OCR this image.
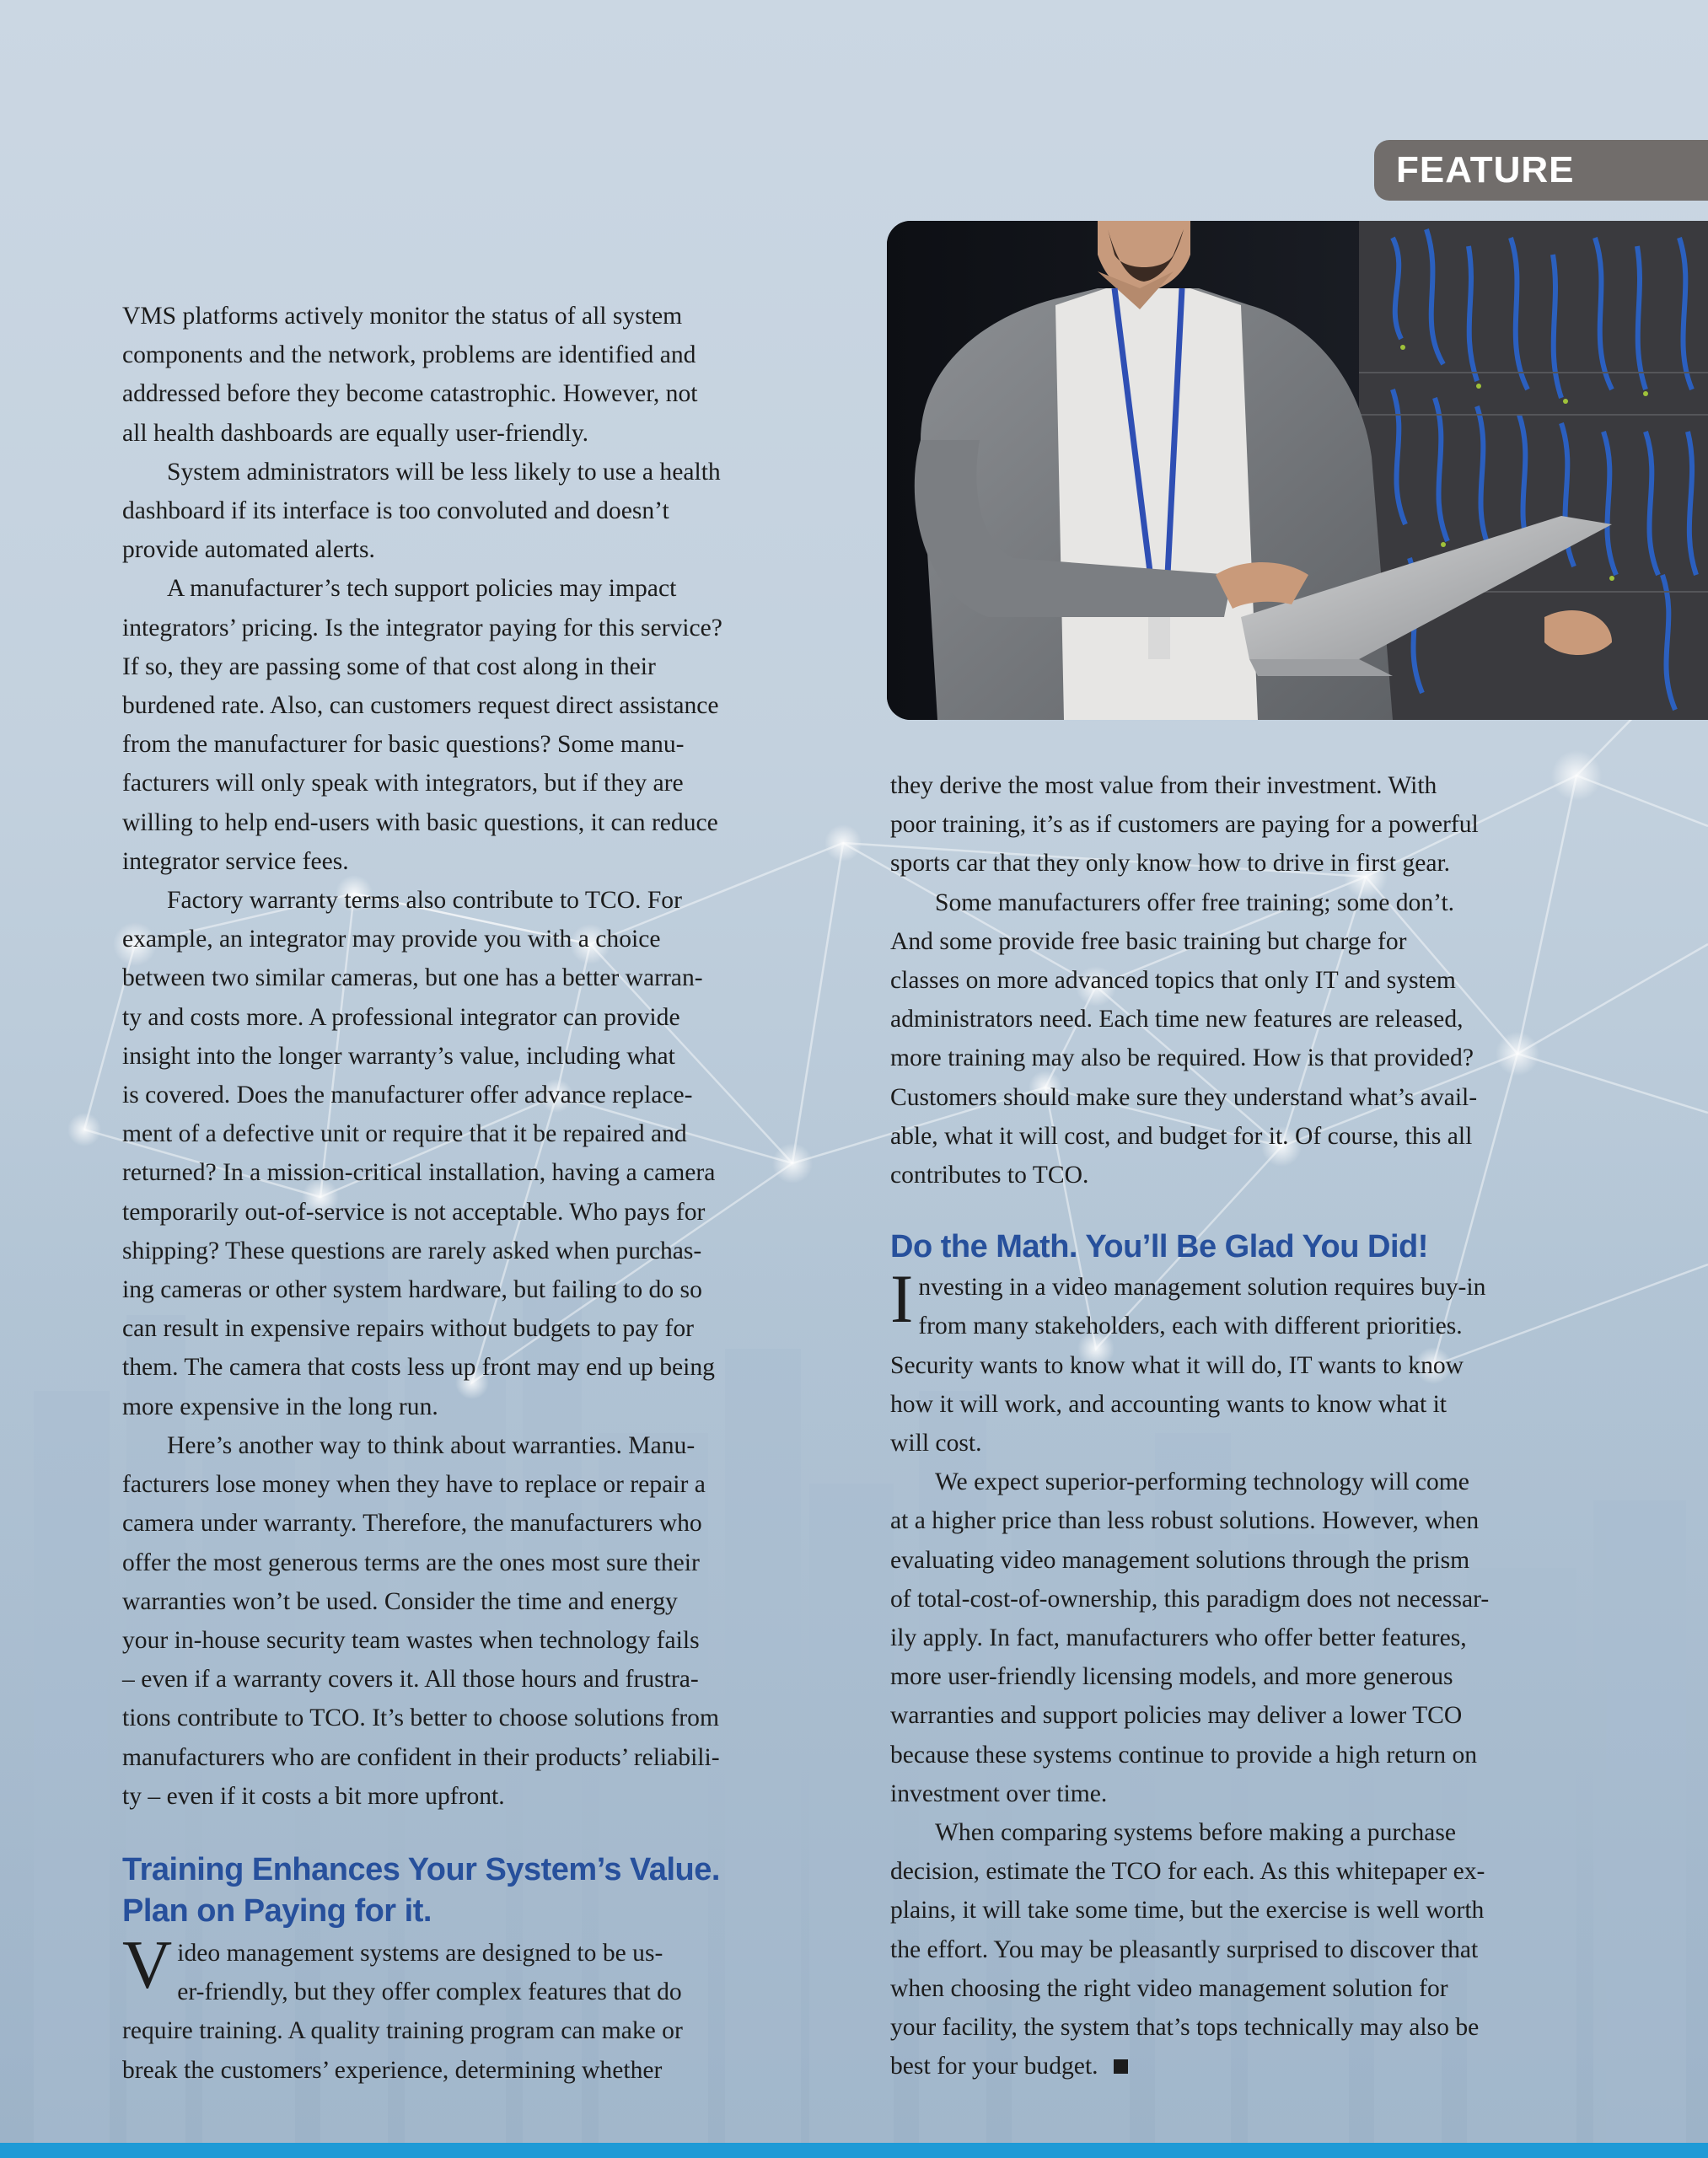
FEATURE

VMS platforms actively monitor the status of all system
components and the network, problems are identified and
addressed before they become catastrophic. However, not
all health dashboards are equally user-friendly.

System administrators will be less likely to use a health
dashboard if its interface is too convoluted and doesn’t
provide automated alerts.

A manufacturer’s tech support policies may impact
integrators’ pricing. Is the integrator paying for this service?
If so, they are passing some of that cost along in their
burdened rate. Also, can customers request direct assistance
from the manufacturer for basic questions? Some manu-
facturers will only speak with integrators, but if they are
willing to help end-users with basic questions, it can reduce
integrator service fees.

Factory warranty terms also contribute to TCO. For
example, an integrator may provide you with a choice
between two similar cameras, but one has a better warran-
ty and costs more. A professional integrator can provide
insight into the longer warranty’s value, including what
is covered. Does the manufacturer offer advance replace-
ment of a defective unit or require that it be repaired and
returned? In a mission-critical installation, having a camera
temporarily out-of-service is not acceptable. Who pays for
shipping? These questions are rarely asked when purchas-
ing cameras or other system hardware, but failing to do so
can result in expensive repairs without budgets to pay for
them. The camera that costs less up front may end up being
more expensive in the long run.

Here’s another way to think about warranties. Manu-
facturers lose money when they have to replace or repair a
camera under warranty. Therefore, the manufacturers who
offer the most generous terms are the ones most sure their
warranties won’t be used. Consider the time and energy
your in-house security team wastes when technology fails
– even if a warranty covers it. All those hours and frustra-
tions contribute to TCO. It’s better to choose solutions from
manufacturers who are confident in their products’ reliabili-
ty – even if it costs a bit more upfront.

Training Enhances Your System’s Value.
Plan on Paying for it.

Video management systems are designed to be us-
er-friendly, but they offer complex features that do
require training. A quality training program can make or
break the customers’ experience, determining whether

they derive the most value from their investment. With
poor training, it’s as if customers are paying for a powerful
sports car that they only know how to drive in first gear.

Some manufacturers offer free training; some don’t.
And some provide free basic training but charge for
classes on more advanced topics that only IT and system
administrators need. Each time new features are released,
more training may also be required. How is that provided?
Customers should make sure they understand what’s avail-
able, what it will cost, and budget for it. Of course, this all
contributes to TCO.

Do the Math. You’ll Be Glad You Did!

Investing in a video management solution requires buy-in
from many stakeholders, each with different priorities.
Security wants to know what it will do, IT wants to know
how it will work, and accounting wants to know what it
will cost.

We expect superior-performing technology will come
at a higher price than less robust solutions. However, when
evaluating video management solutions through the prism
of total-cost-of-ownership, this paradigm does not necessar-
ily apply. In fact, manufacturers who offer better features,
more user-friendly licensing models, and more generous
warranties and support policies may deliver a lower TCO
because these systems continue to provide a high return on
investment over time.

When comparing systems before making a purchase
decision, estimate the TCO for each. As this whitepaper ex-
plains, it will take some time, but the exercise is well worth
the effort. You may be pleasantly surprised to discover that
when choosing the right video management solution for
your facility, the system that’s tops technically may also be
best for your budget.
